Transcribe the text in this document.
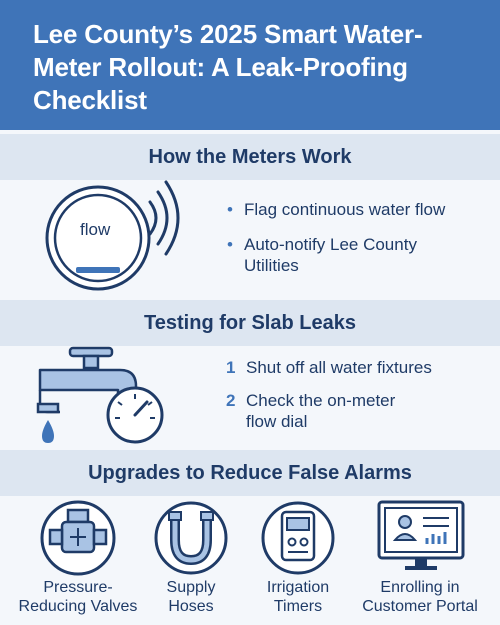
Lee County’s 2025 Smart Water-Meter Rollout: A Leak-Proofing Checklist
How the Meters Work
flow
• Flag continuous water flow
• Auto-notify Lee County
Utilities
Testing for Slab Leaks
1 Shut off all water fixtures
2 Check the on-meter
flow dial
Upgrades to Reduce False Alarms
Pressure-
Reducing Valves
Supply
Hoses
Irrigation
Timers
Enrolling in
Customer Portal
